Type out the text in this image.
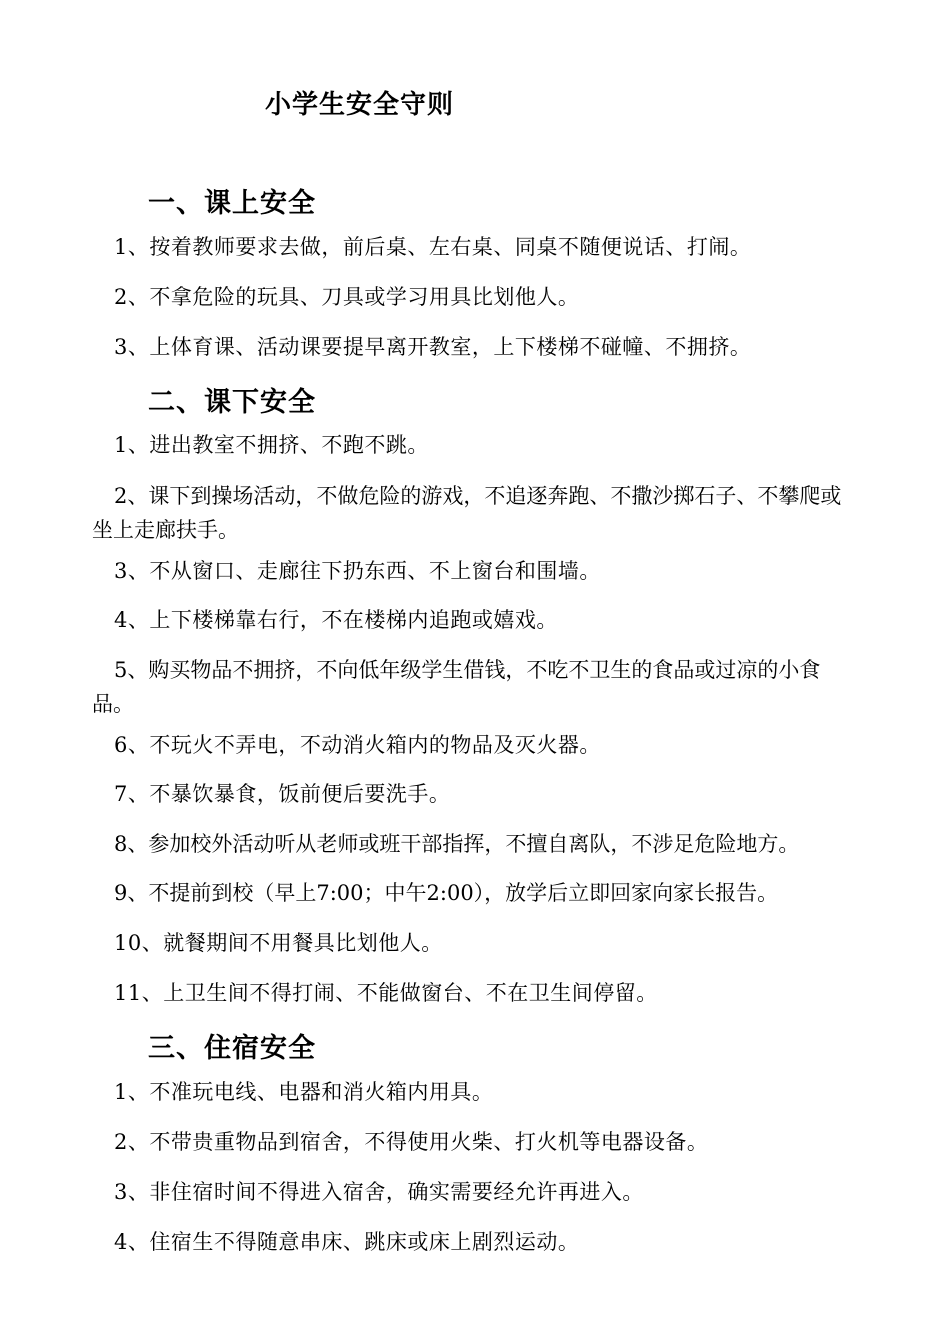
小学生安全守则
一、课上安全
1、按着教师要求去做，前后桌、左右桌、同桌不随便说话、打闹。
2、不拿危险的玩具、刀具或学习用具比划他人。
3、上体育课、活动课要提早离开教室，上下楼梯不碰幢、不拥挤。
二、课下安全
1、进出教室不拥挤、不跑不跳。
2、课下到操场活动，不做危险的游戏，不追逐奔跑、不撒沙掷石子、不攀爬或坐上走廊扶手。
3、不从窗口、走廊往下扔东西、不上窗台和围墙。
4、上下楼梯靠右行，不在楼梯内追跑或嬉戏。
5、购买物品不拥挤，不向低年级学生借钱，不吃不卫生的食品或过凉的小食品。
6、不玩火不弄电，不动消火箱内的物品及灭火器。
7、不暴饮暴食，饭前便后要洗手。
8、参加校外活动听从老师或班干部指挥，不擅自离队，不涉足危险地方。
9、不提前到校（早上7:00；中午2:00），放学后立即回家向家长报告。
10、就餐期间不用餐具比划他人。
11、上卫生间不得打闹、不能做窗台、不在卫生间停留。
三、住宿安全
1、不准玩电线、电器和消火箱内用具。
2、不带贵重物品到宿舍，不得使用火柴、打火机等电器设备。
3、非住宿时间不得进入宿舍，确实需要经允许再进入。
4、住宿生不得随意串床、跳床或床上剧烈运动。
